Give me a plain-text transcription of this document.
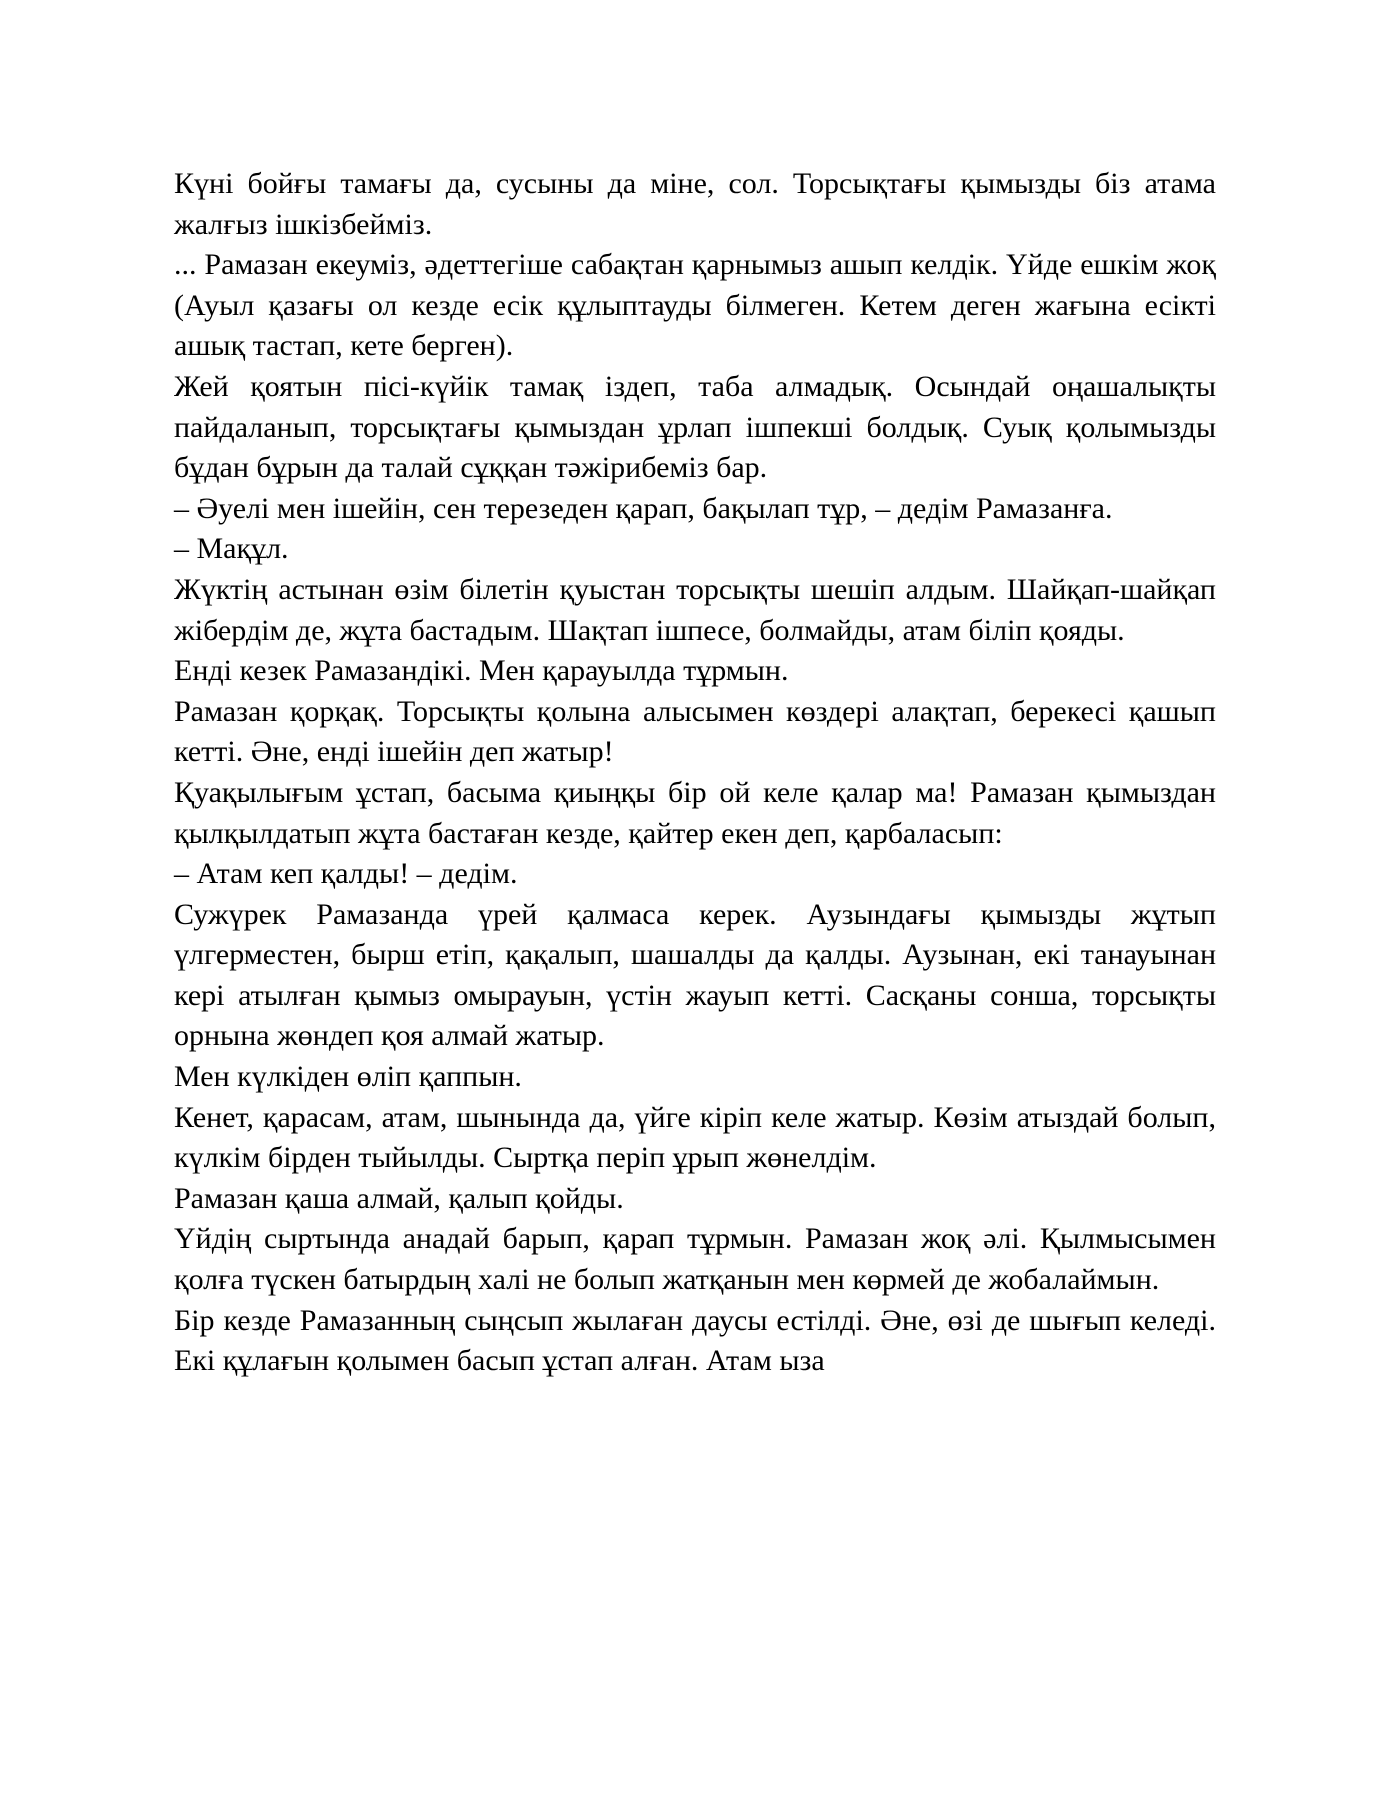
Күні бойғы тамағы да, сусыны да міне, сол. Торсықтағы қымызды біз атама жалғыз ішкізбейміз.

... Рамазан екеуміз, әдеттегіше сабақтан қарнымыз ашып келдік. Үйде ешкім жоқ (Ауыл қазағы ол кезде есік құлыптауды білмеген. Кетем деген жағына есікті ашық тастап, кете берген).

Жей қоятын пісі-күйік тамақ іздеп, таба алмадық. Осындай оңашалықты пайдаланып, торсықтағы қымыздан ұрлап ішпекші болдық. Суық қолымызды бұдан бұрын да талай сұққан тәжірибеміз бар.

– Әуелі мен ішейін, сен терезеден қарап, бақылап тұр, – дедім Рамазанға.

– Мақұл.

Жүктің астынан өзім білетін қуыстан торсықты шешіп алдым. Шайқап-шайқап жібердім де, жұта бастадым. Шақтап ішпесе, болмайды, атам біліп қояды.

Енді кезек Рамазандікі. Мен қарауылда тұрмын.

Рамазан қорқақ. Торсықты қолына алысымен көздері алақтап, берекесі қашып кетті. Әне, енді ішейін деп жатыр!

Қуақылығым ұстап, басыма қиыңқы бір ой келе қалар ма! Рамазан қымыздан қылқылдатып жұта бастаған кезде, қайтер екен деп, қарбаласып:

– Атам кеп қалды! – дедім.

Сужүрек Рамазанда үрей қалмаса керек. Аузындағы қымызды жұтып үлгерместен, бырш етіп, қақалып, шашалды да қалды. Аузынан, екі танауынан кері атылған қымыз омырауын, үстін жауып кетті. Сасқаны сонша, торсықты орнына жөндеп қоя алмай жатыр.

Мен күлкіден өліп қаппын.

Кенет, қарасам, атам, шынында да, үйге кіріп келе жатыр. Көзім атыздай болып, күлкім бірден тыйылды. Сыртқа періп ұрып жөнелдім.

Рамазан қаша алмай, қалып қойды.

Үйдің сыртында анадай барып, қарап тұрмын. Рамазан жоқ әлі. Қылмысымен қолға түскен батырдың халі не болып жатқанын мен көрмей де жобалаймын.

Бір кезде Рамазанның сыңсып жылаған даусы естілді. Әне, өзі де шығып келеді. Екі құлағын қолымен басып ұстап алған. Атам ыза
